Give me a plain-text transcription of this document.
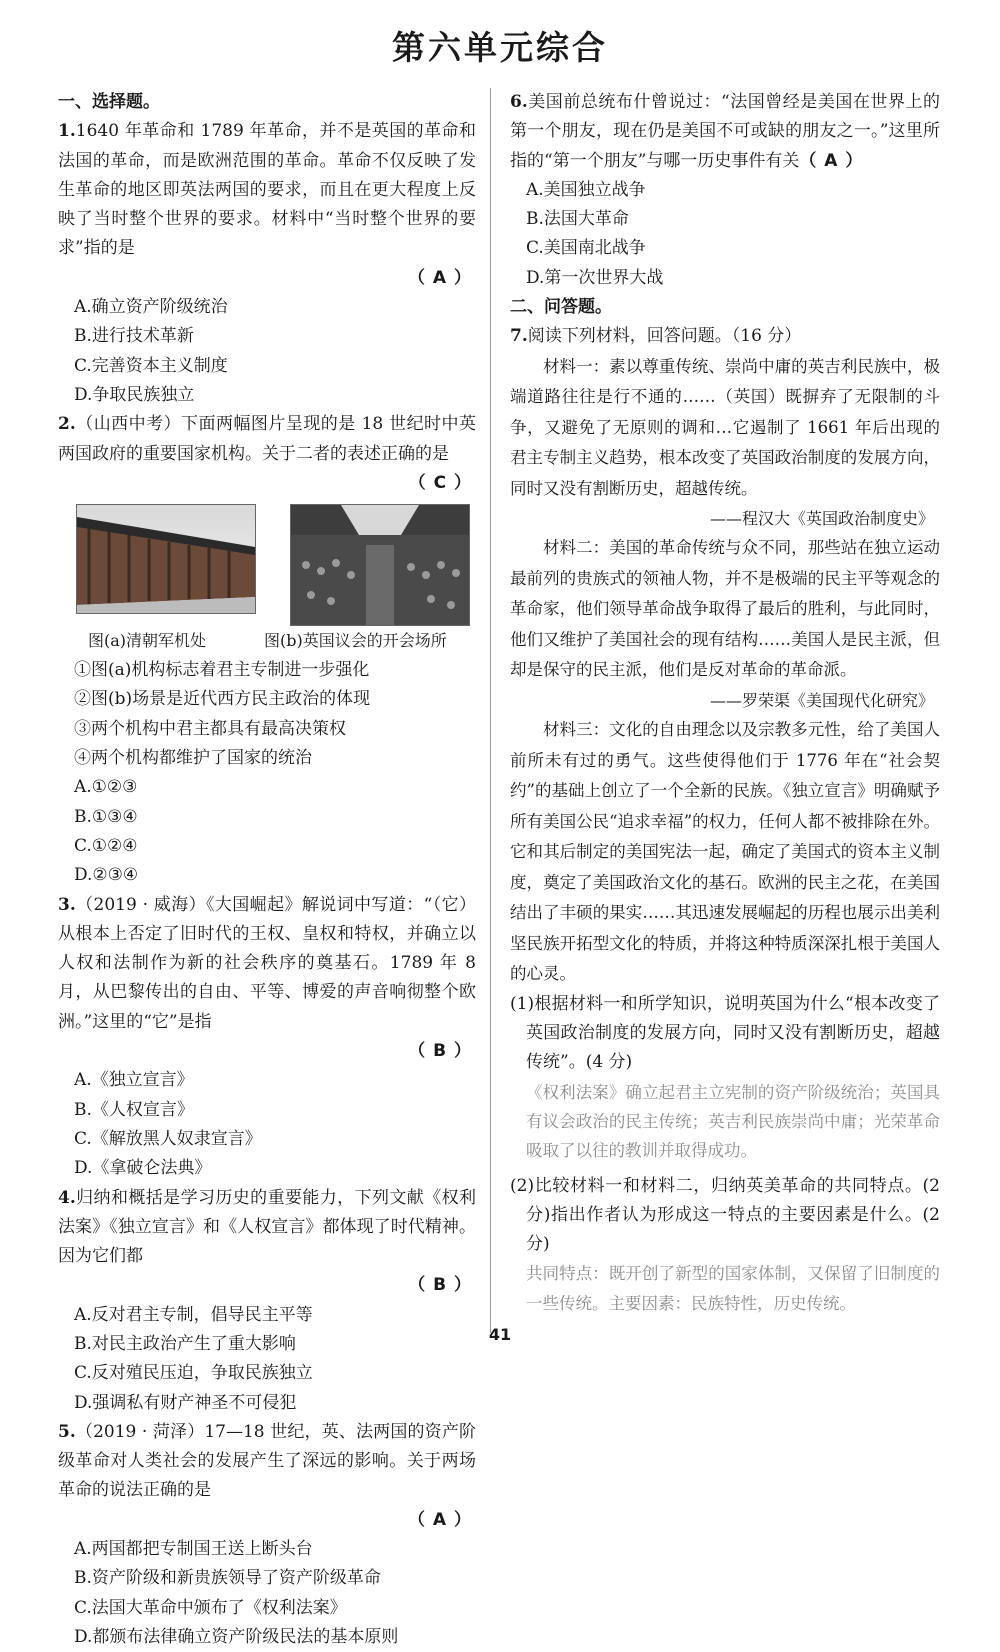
第六单元综合
一、选择题。
1.1640 年革命和 1789 年革命，并不是英国的革命和法国的革命，而是欧洲范围的革命。革命不仅反映了发生革命的地区即英法两国的要求，而且在更大程度上反映了当时整个世界的要求。材料中“当时整个世界的要求”指的是
（ A ）
A.确立资产阶级统治
B.进行技术革新
C.完善资本主义制度
D.争取民族独立
2.（山西中考）下面两幅图片呈现的是 18 世纪时中英两国政府的重要国家机构。关于二者的表述正确的是
（ C ）
图(a)清朝军机处	图(b)英国议会的开会场所
①图(a)机构标志着君主专制进一步强化
②图(b)场景是近代西方民主政治的体现
③两个机构中君主都具有最高决策权
④两个机构都维护了国家的统治
A.①②③
B.①③④
C.①②④
D.②③④
3.（2019 · 威海）《大国崛起》解说词中写道：“（它）从根本上否定了旧时代的王权、皇权和特权，并确立以人权和法制作为新的社会秩序的奠基石。1789 年 8 月，从巴黎传出的自由、平等、博爱的声音响彻整个欧洲。”这里的“它”是指
（ B ）
A.《独立宣言》
B.《人权宣言》
C.《解放黑人奴隶宣言》
D.《拿破仑法典》
4.归纳和概括是学习历史的重要能力，下列文献《权利法案》《独立宣言》和《人权宣言》都体现了时代精神。因为它们都
（ B ）
A.反对君主专制，倡导民主平等
B.对民主政治产生了重大影响
C.反对殖民压迫，争取民族独立
D.强调私有财产神圣不可侵犯
5.（2019 · 菏泽）17—18 世纪，英、法两国的资产阶级革命对人类社会的发展产生了深远的影响。关于两场革命的说法正确的是
（ A ）
A.两国都把专制国王送上断头台
B.资产阶级和新贵族领导了资产阶级革命
C.法国大革命中颁布了《权利法案》
D.都颁布法律确立资产阶级民法的基本原则
6.美国前总统布什曾说过：“法国曾经是美国在世界上的第一个朋友，现在仍是美国不可或缺的朋友之一。”这里所指的“第一个朋友”与哪一历史事件有关（ A ）
A.美国独立战争
B.法国大革命
C.美国南北战争
D.第一次世界大战
二、问答题。
7.阅读下列材料，回答问题。（16 分）
材料一：素以尊重传统、崇尚中庸的英吉利民族中，极端道路往往是行不通的……（英国）既摒弃了无限制的斗争，又避免了无原则的调和…它遏制了 1661 年后出现的君主专制主义趋势，根本改变了英国政治制度的发展方向，同时又没有割断历史，超越传统。
——程汉大《英国政治制度史》
材料二：美国的革命传统与众不同，那些站在独立运动最前列的贵族式的领袖人物，并不是极端的民主平等观念的革命家，他们领导革命战争取得了最后的胜利，与此同时，他们又维护了美国社会的现有结构……美国人是民主派，但却是保守的民主派，他们是反对革命的革命派。
——罗荣渠《美国现代化研究》
材料三：文化的自由理念以及宗教多元性，给了美国人前所未有过的勇气。这些使得他们于 1776 年在“社会契约”的基础上创立了一个全新的民族。《独立宣言》明确赋予所有美国公民“追求幸福”的权力，任何人都不被排除在外。它和其后制定的美国宪法一起，确定了美国式的资本主义制度，奠定了美国政治文化的基石。欧洲的民主之花，在美国结出了丰硕的果实……其迅速发展崛起的历程也展示出美利坚民族开拓型文化的特质，并将这种特质深深扎根于美国人的心灵。
(1)根据材料一和所学知识，说明英国为什么“根本改变了英国政治制度的发展方向，同时又没有割断历史，超越传统”。(4 分)
《权利法案》确立起君主立宪制的资产阶级统治；英国具有议会政治的民主传统；英吉利民族崇尚中庸；光荣革命吸取了以往的教训并取得成功。
(2)比较材料一和材料二，归纳英美革命的共同特点。(2 分)指出作者认为形成这一特点的主要因素是什么。(2 分)
共同特点：既开创了新型的国家体制，又保留了旧制度的一些传统。主要因素：民族特性，历史传统。
41
